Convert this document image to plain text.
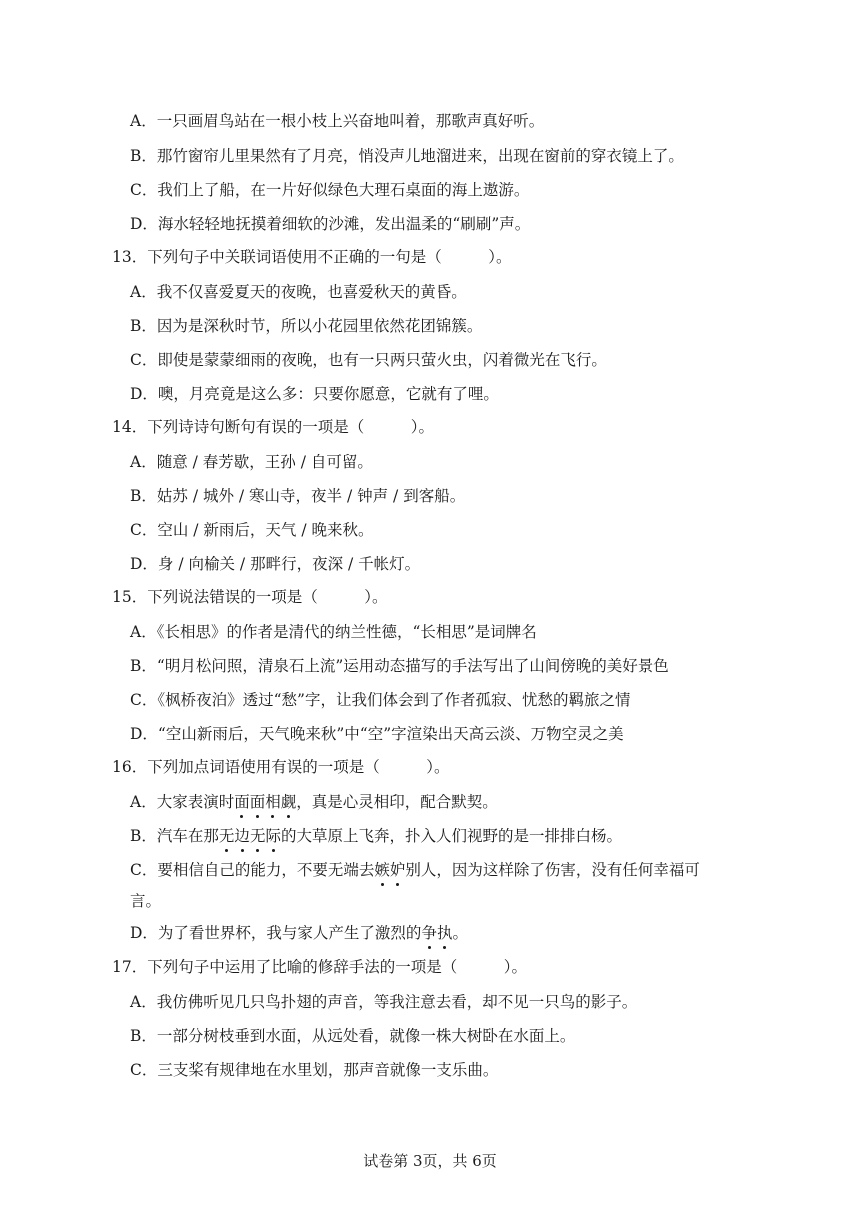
A．一只画眉鸟站在一根小枝上兴奋地叫着，那歌声真好听。
B．那竹窗帘儿里果然有了月亮，悄没声儿地溜进来，出现在窗前的穿衣镜上了。
C．我们上了船，在一片好似绿色大理石桌面的海上遨游。
D．海水轻轻地抚摸着细软的沙滩，发出温柔的“刷刷”声。
13．下列句子中关联词语使用不正确的一句是（　　　）。
A．我不仅喜爱夏天的夜晚，也喜爱秋天的黄昏。
B．因为是深秋时节，所以小花园里依然花团锦簇。
C．即使是蒙蒙细雨的夜晚，也有一只两只萤火虫，闪着微光在飞行。
D．噢，月亮竟是这么多：只要你愿意，它就有了哩。
14．下列诗诗句断句有误的一项是（　　　）。
A．随意 / 春芳歇，王孙 / 自可留。
B．姑苏 / 城外 / 寒山寺，夜半 / 钟声 / 到客船。
C．空山 / 新雨后，天气 / 晚来秋。
D．身 / 向榆关 / 那畔行，夜深 / 千帐灯。
15．下列说法错误的一项是（　　　）。
A．《长相思》的作者是清代的纳兰性德，“长相思”是词牌名
B．“明月松问照，清泉石上流”运用动态描写的手法写出了山间傍晚的美好景色
C．《枫桥夜泊》透过“愁”字，让我们体会到了作者孤寂、忧愁的羁旅之情
D．“空山新雨后，天气晚来秋”中“空”字渲染出天高云淡、万物空灵之美
16．下列加点词语使用有误的一项是（　　　）。
A．大家表演时面面相觑，真是心灵相印，配合默契。
B．汽车在那无边无际的大草原上飞奔，扑入人们视野的是一排排白杨。
C．要相信自己的能力，不要无端去嫉妒别人，因为这样除了伤害，没有任何幸福可
言。
D．为了看世界杯，我与家人产生了激烈的争执。
17．下列句子中运用了比喻的修辞手法的一项是（　　　）。
A．我仿佛听见几只鸟扑翅的声音，等我注意去看，却不见一只鸟的影子。
B．一部分树枝垂到水面，从远处看，就像一株大树卧在水面上。
C．三支桨有规律地在水里划，那声音就像一支乐曲。
试卷第 3页，共 6页
